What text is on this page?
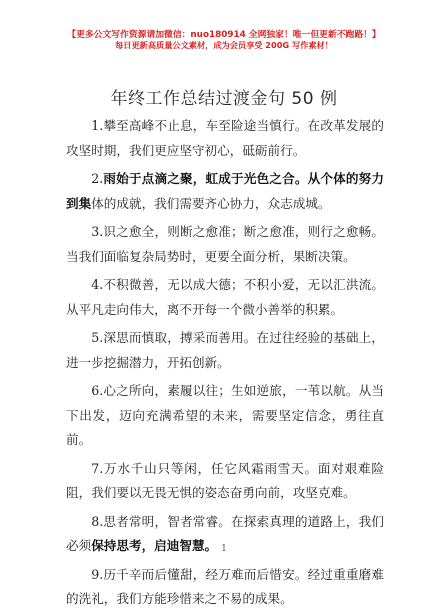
【更多公文写作资源请加微信：nuo180914 全网独家！唯一但更新不跑路！】
每日更新高质量公文素材，成为会员享受 200G 写作素材！
年终工作总结过渡金句 50 例

1.攀至高峰不止息，车至险途当慎行。在改革发展的攻坚时期，我们更应坚守初心，砥砺前行。

2.雨始于点滴之聚，虹成于光色之合。从个体的努力到集体的成就，我们需要齐心协力，众志成城。

3.识之愈全，则断之愈准；断之愈准，则行之愈畅。当我们面临复杂局势时，更要全面分析，果断决策。

4.不积微善，无以成大德；不积小爱，无以汇洪流。从平凡走向伟大，离不开每一个微小善举的积累。

5.深思而慎取，搏采而善用。在过往经验的基础上，进一步挖掘潜力，开拓创新。

6.心之所向，素履以往；生如逆旅，一苇以航。从当下出发，迈向充满希望的未来，需要坚定信念，勇往直前。

7.万水千山只等闲，任它风霜雨雪天。面对艰难险阻，我们要以无畏无惧的姿态奋勇向前，攻坚克难。

8.思者常明，智者常睿。在探索真理的道路上，我们必须保持思考，启迪智慧。

9.历千辛而后懂甜，经万难而后惜安。经过重重磨难的洗礼，我们方能珍惜来之不易的成果。

1
